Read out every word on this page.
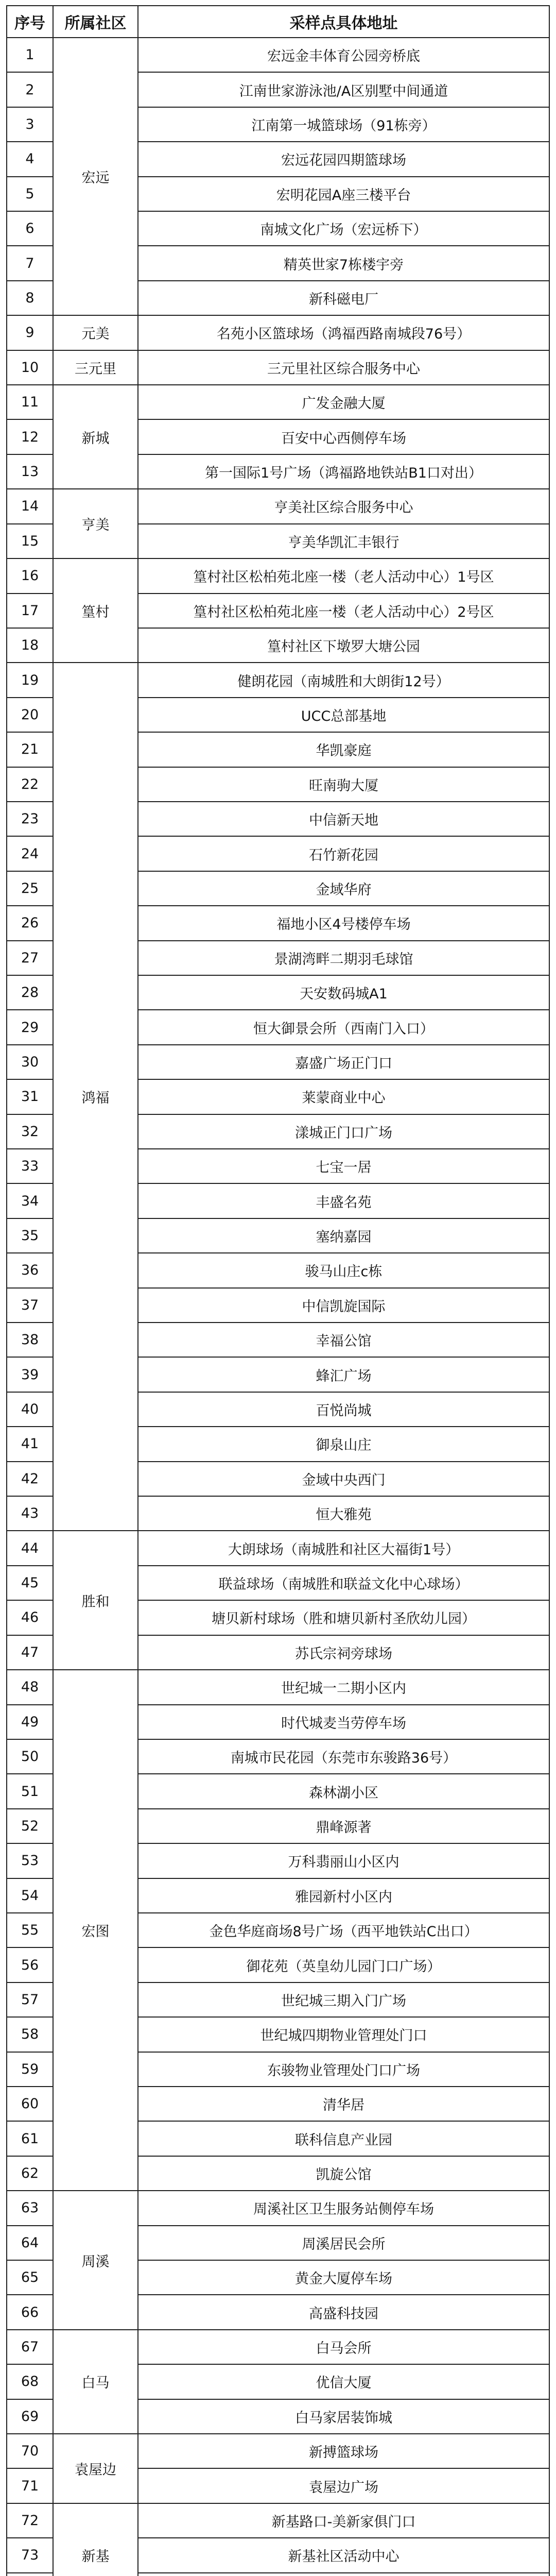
序号	所属社区	采样点具体地址
1	宏远	宏远金丰体育公园旁桥底
2		江南世家游泳池/A区别墅中间通道
3		江南第一城篮球场（91栋旁）
4		宏远花园四期篮球场
5		宏明花园A座三楼平台
6		南城文化广场（宏远桥下）
7		精英世家7栋楼宇旁
8		新科磁电厂
9	元美	名苑小区篮球场（鸿福西路南城段76号）
10	三元里	三元里社区综合服务中心
11	新城	广发金融大厦
12		百安中心西侧停车场
13		第一国际1号广场（鸿福路地铁站B1口对出）
14	亨美	亨美社区综合服务中心
15		亨美华凯汇丰银行
16	篁村	篁村社区松柏苑北座一楼（老人活动中心）1号区
17		篁村社区松柏苑北座一楼（老人活动中心）2号区
18		篁村社区下墩罗大塘公园
19	鸿福	健朗花园（南城胜和大朗街12号）
20		UCC总部基地
21		华凯豪庭
22		旺南驹大厦
23		中信新天地
24		石竹新花园
25		金域华府
26		福地小区4号楼停车场
27		景湖湾畔二期羽毛球馆
28		天安数码城A1
29		恒大御景会所（西南门入口）
30		嘉盛广场正门口
31		莱蒙商业中心
32		漾城正门口广场
33		七宝一居
34		丰盛名苑
35		塞纳嘉园
36		骏马山庄c栋
37		中信凯旋国际
38		幸福公馆
39		蜂汇广场
40		百悦尚城
41		御泉山庄
42		金域中央西门
43		恒大雅苑
44	胜和	大朗球场（南城胜和社区大福街1号）
45		联益球场（南城胜和联益文化中心球场）
46		塘贝新村球场（胜和塘贝新村圣欣幼儿园）
47		苏氏宗祠旁球场
48	宏图	世纪城一二期小区内
49		时代城麦当劳停车场
50		南城市民花园（东莞市东骏路36号）
51		森林湖小区
52		鼎峰源著
53		万科翡丽山小区内
54		雅园新村小区内
55		金色华庭商场8号广场（西平地铁站C出口）
56		御花苑（英皇幼儿园门口广场）
57		世纪城三期入门广场
58		世纪城四期物业管理处门口
59		东骏物业管理处门口广场
60		清华居
61		联科信息产业园
62		凯旋公馆
63	周溪	周溪社区卫生服务站侧停车场
64		周溪居民会所
65		黄金大厦停车场
66		高盛科技园
67	白马	白马会所
68		优信大厦
69		白马家居装饰城
70	袁屋边	新搏篮球场
71		袁屋边广场
72	新基	新基路口-美新家俱门口
73		新基社区活动中心
